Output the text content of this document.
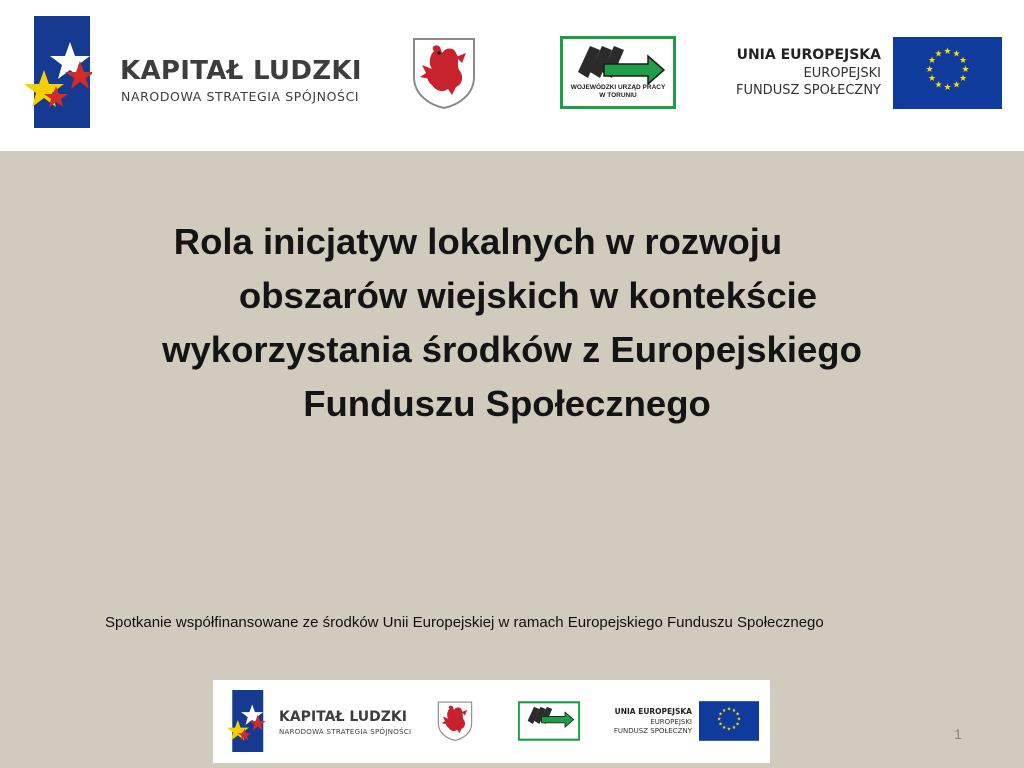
KAPITAŁ LUDZKI
NARODOWA STRATEGIA SPÓJNOŚCI
WOJEWÓDZKI URZĄD PRACY
W TORUNIU
UNIA EUROPEJSKA
EUROPEJSKI
FUNDUSZ SPOŁECZNY
★ ★
★
★
★
★
★
★
★
★
★
★
Rola inicjatyw lokalnych w rozwoju
obszarów wiejskich w kontekście
wykorzystania środków z Europejskiego
Funduszu Społecznego
Spotkanie współfinansowane ze środków Unii Europejskiej w ramach Europejskiego Funduszu Społecznego
KAPITAŁ LUDZKI
NARODOWA STRATEGIA SPÓJNOŚCI
UNIA EUROPEJSKA
EUROPEJSKI
FUNDUSZ SPOŁECZNY
★ ★
★
★
★
★
★
★
★
★
★
★
1
